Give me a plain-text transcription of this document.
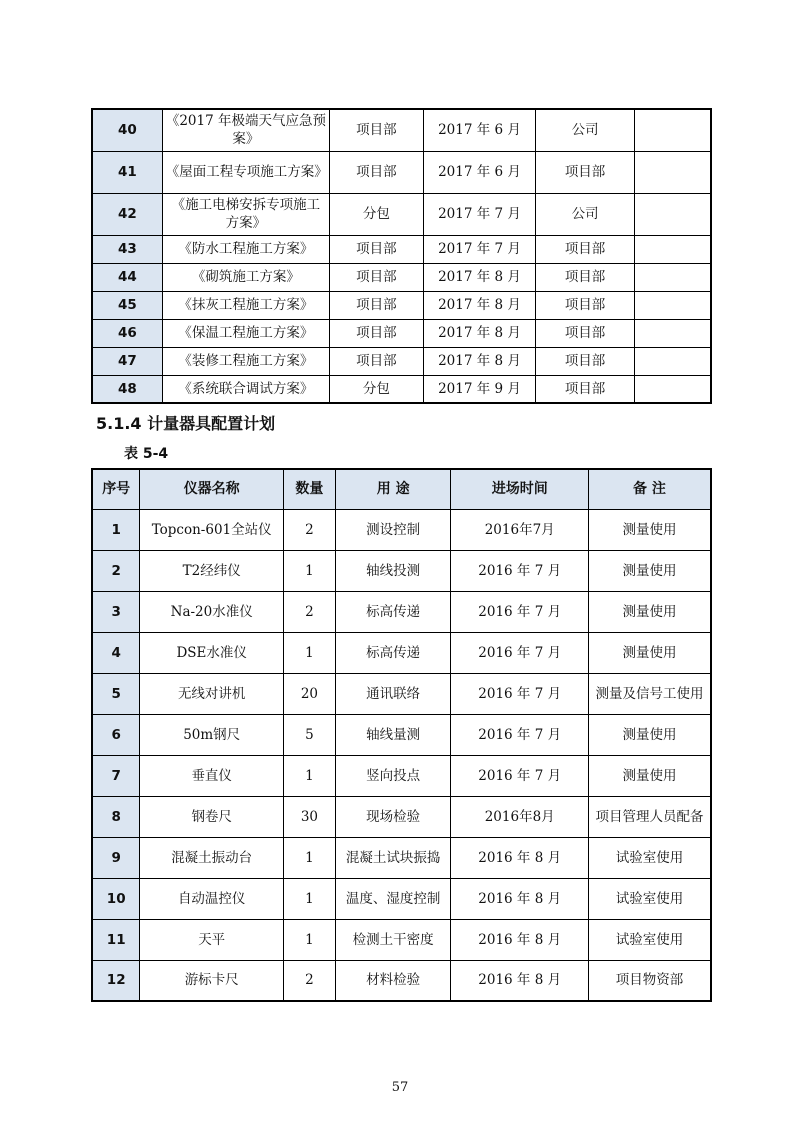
40	《2017 年极端天气应急预案》	项目部	2017 年 6 月	公司	
41	《屋面工程专项施工方案》	项目部	2017 年 6 月	项目部	
42	《施工电梯安拆专项施工方案》	分包	2017 年 7 月	公司	
43	《防水工程施工方案》	项目部	2017 年 7 月	项目部	
44	《砌筑施工方案》	项目部	2017 年 8 月	项目部	
45	《抹灰工程施工方案》	项目部	2017 年 8 月	项目部	
46	《保温工程施工方案》	项目部	2017 年 8 月	项目部	
47	《装修工程施工方案》	项目部	2017 年 8 月	项目部	
48	《系统联合调试方案》	分包	2017 年 9 月	项目部	
5.1.4 计量器具配置计划
表 5-4
序号	仪器名称	数量	用 途	进场时间	备 注
1	Topcon-601全站仪	2	测设控制	2016年7月	测量使用
2	T2经纬仪	1	轴线投测	2016 年 7 月	测量使用
3	Na-20水准仪	2	标高传递	2016 年 7 月	测量使用
4	DSE水准仪	1	标高传递	2016 年 7 月	测量使用
5	无线对讲机	20	通讯联络	2016 年 7 月	测量及信号工使用
6	50m钢尺	5	轴线量测	2016 年 7 月	测量使用
7	垂直仪	1	竖向投点	2016 年 7 月	测量使用
8	钢卷尺	30	现场检验	2016年8月	项目管理人员配备
9	混凝土振动台	1	混凝土试块振捣	2016 年 8 月	试验室使用
10	自动温控仪	1	温度、湿度控制	2016 年 8 月	试验室使用
11	天平	1	检测土干密度	2016 年 8 月	试验室使用
12	游标卡尺	2	材料检验	2016 年 8 月	项目物资部
57
